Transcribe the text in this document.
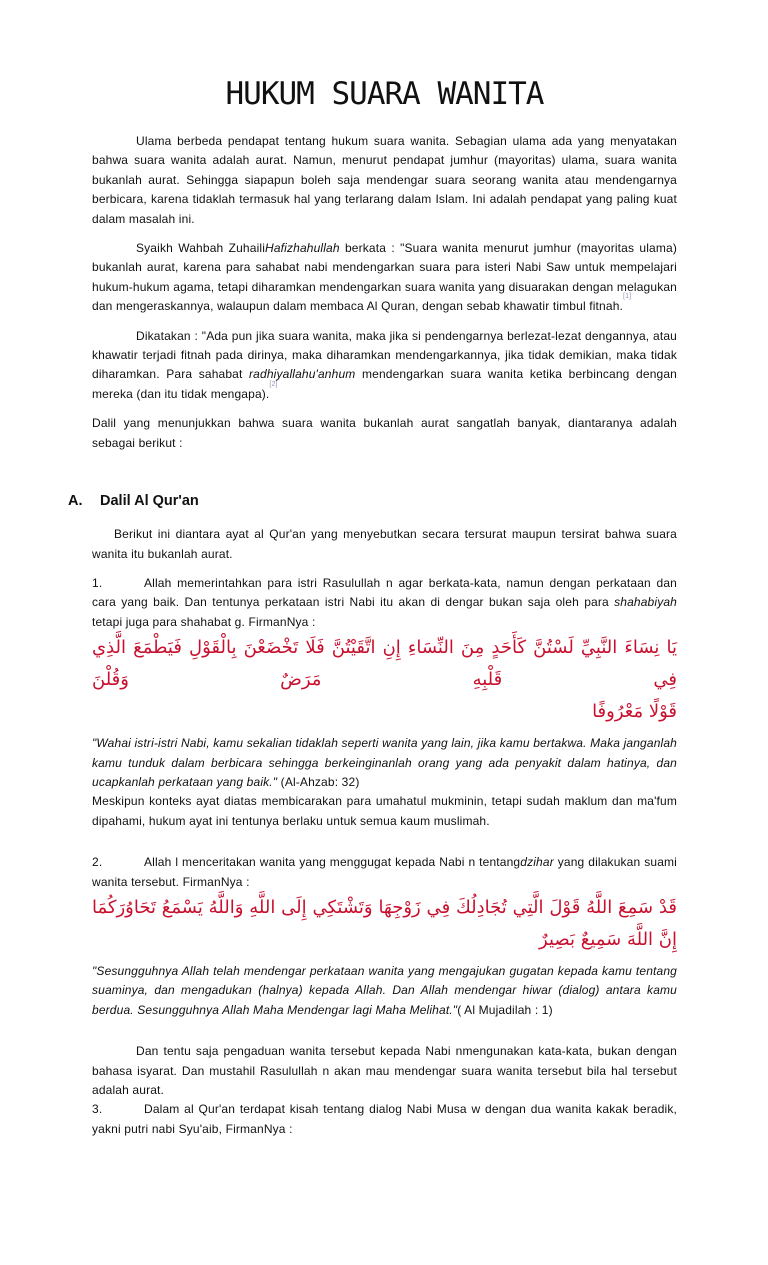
HUKUM SUARA WANITA

Ulama berbeda pendapat tentang hukum suara wanita. Sebagian ulama ada yang menyatakan bahwa suara wanita adalah aurat. Namun, menurut pendapat jumhur (mayoritas) ulama, suara wanita bukanlah aurat. Sehingga siapapun boleh saja mendengar suara seorang wanita atau mendengarnya berbicara, karena tidaklah termasuk hal yang terlarang dalam Islam. Ini adalah pendapat yang paling kuat dalam masalah ini.

Syaikh Wahbah ZuhailiHafizhahullah berkata : "Suara wanita menurut jumhur (mayoritas ulama) bukanlah aurat, karena para sahabat nabi mendengarkan suara para isteri Nabi Saw untuk mempelajari hukum-hukum agama, tetapi diharamkan mendengarkan suara wanita yang disuarakan dengan melagukan dan mengeraskannya, walaupun dalam membaca Al Quran, dengan sebab khawatir timbul fitnah.[1]

Dikatakan : "Ada pun jika suara wanita, maka jika si pendengarnya berlezat-lezat dengannya, atau khawatir terjadi fitnah pada dirinya, maka diharamkan mendengarkannya, jika tidak demikian, maka tidak diharamkan. Para sahabat radhiyallahu'anhum mendengarkan suara wanita ketika berbincang dengan mereka (dan itu tidak mengapa).[2]

Dalil yang menunjukkan bahwa suara wanita bukanlah aurat sangatlah banyak, diantaranya adalah sebagai berikut :

A. Dalil Al Qur'an

Berikut ini diantara ayat al Qur'an yang menyebutkan secara tersurat maupun tersirat bahwa suara wanita itu bukanlah aurat.

1.	Allah memerintahkan para istri Rasulullah n agar berkata-kata, namun dengan perkataan dan cara yang baik. Dan tentunya perkataan istri Nabi itu akan di dengar bukan saja oleh para shahabiyah tetapi juga para shahabat g. FirmanNya :

يَا نِسَاءَ النَّبِيِّ لَسْتُنَّ كَأَحَدٍ مِنَ النِّسَاءِ إِنِ اتَّقَيْتُنَّ فَلَا تَخْضَعْنَ بِالْقَوْلِ فَيَطْمَعَ الَّذِي فِي قَلْبِهِ مَرَضٌ وَقُلْنَ
قَوْلًا مَعْرُوفًا

"Wahai istri-istri Nabi, kamu sekalian tidaklah seperti wanita yang lain, jika kamu bertakwa. Maka janganlah kamu tunduk dalam berbicara sehingga berkeinginanlah orang yang ada penyakit dalam hatinya, dan ucapkanlah perkataan yang baik." (Al-Ahzab: 32)
Meskipun konteks ayat diatas membicarakan para umahatul mukminin, tetapi sudah maklum dan ma'fum dipahami, hukum ayat ini tentunya berlaku untuk semua kaum muslimah.

2.	Allah l menceritakan wanita yang menggugat kepada Nabi n tentangdzihar yang dilakukan suami wanita tersebut. FirmanNya :

قَدْ سَمِعَ اللَّهُ قَوْلَ الَّتِي تُجَادِلُكَ فِي زَوْجِهَا وَتَشْتَكِي إِلَى اللَّهِ وَاللَّهُ يَسْمَعُ تَحَاوُرَكُمَا إِنَّ اللَّهَ سَمِيعٌ بَصِيرٌ

"Sesungguhnya Allah telah mendengar perkataan wanita yang mengajukan gugatan kepada kamu tentang suaminya, dan mengadukan (halnya) kepada Allah. Dan Allah mendengar hiwar (dialog) antara kamu berdua. Sesungguhnya Allah Maha Mendengar lagi Maha Melihat."( Al Mujadilah : 1)

Dan tentu saja pengaduan wanita tersebut kepada Nabi nmengunakan kata-kata, bukan dengan bahasa isyarat. Dan mustahil Rasulullah n akan mau mendengar suara wanita tersebut bila hal tersebut adalah aurat.

3.	Dalam al Qur'an terdapat kisah tentang dialog Nabi Musa w dengan dua wanita kakak beradik, yakni putri nabi Syu'aib, FirmanNya :
